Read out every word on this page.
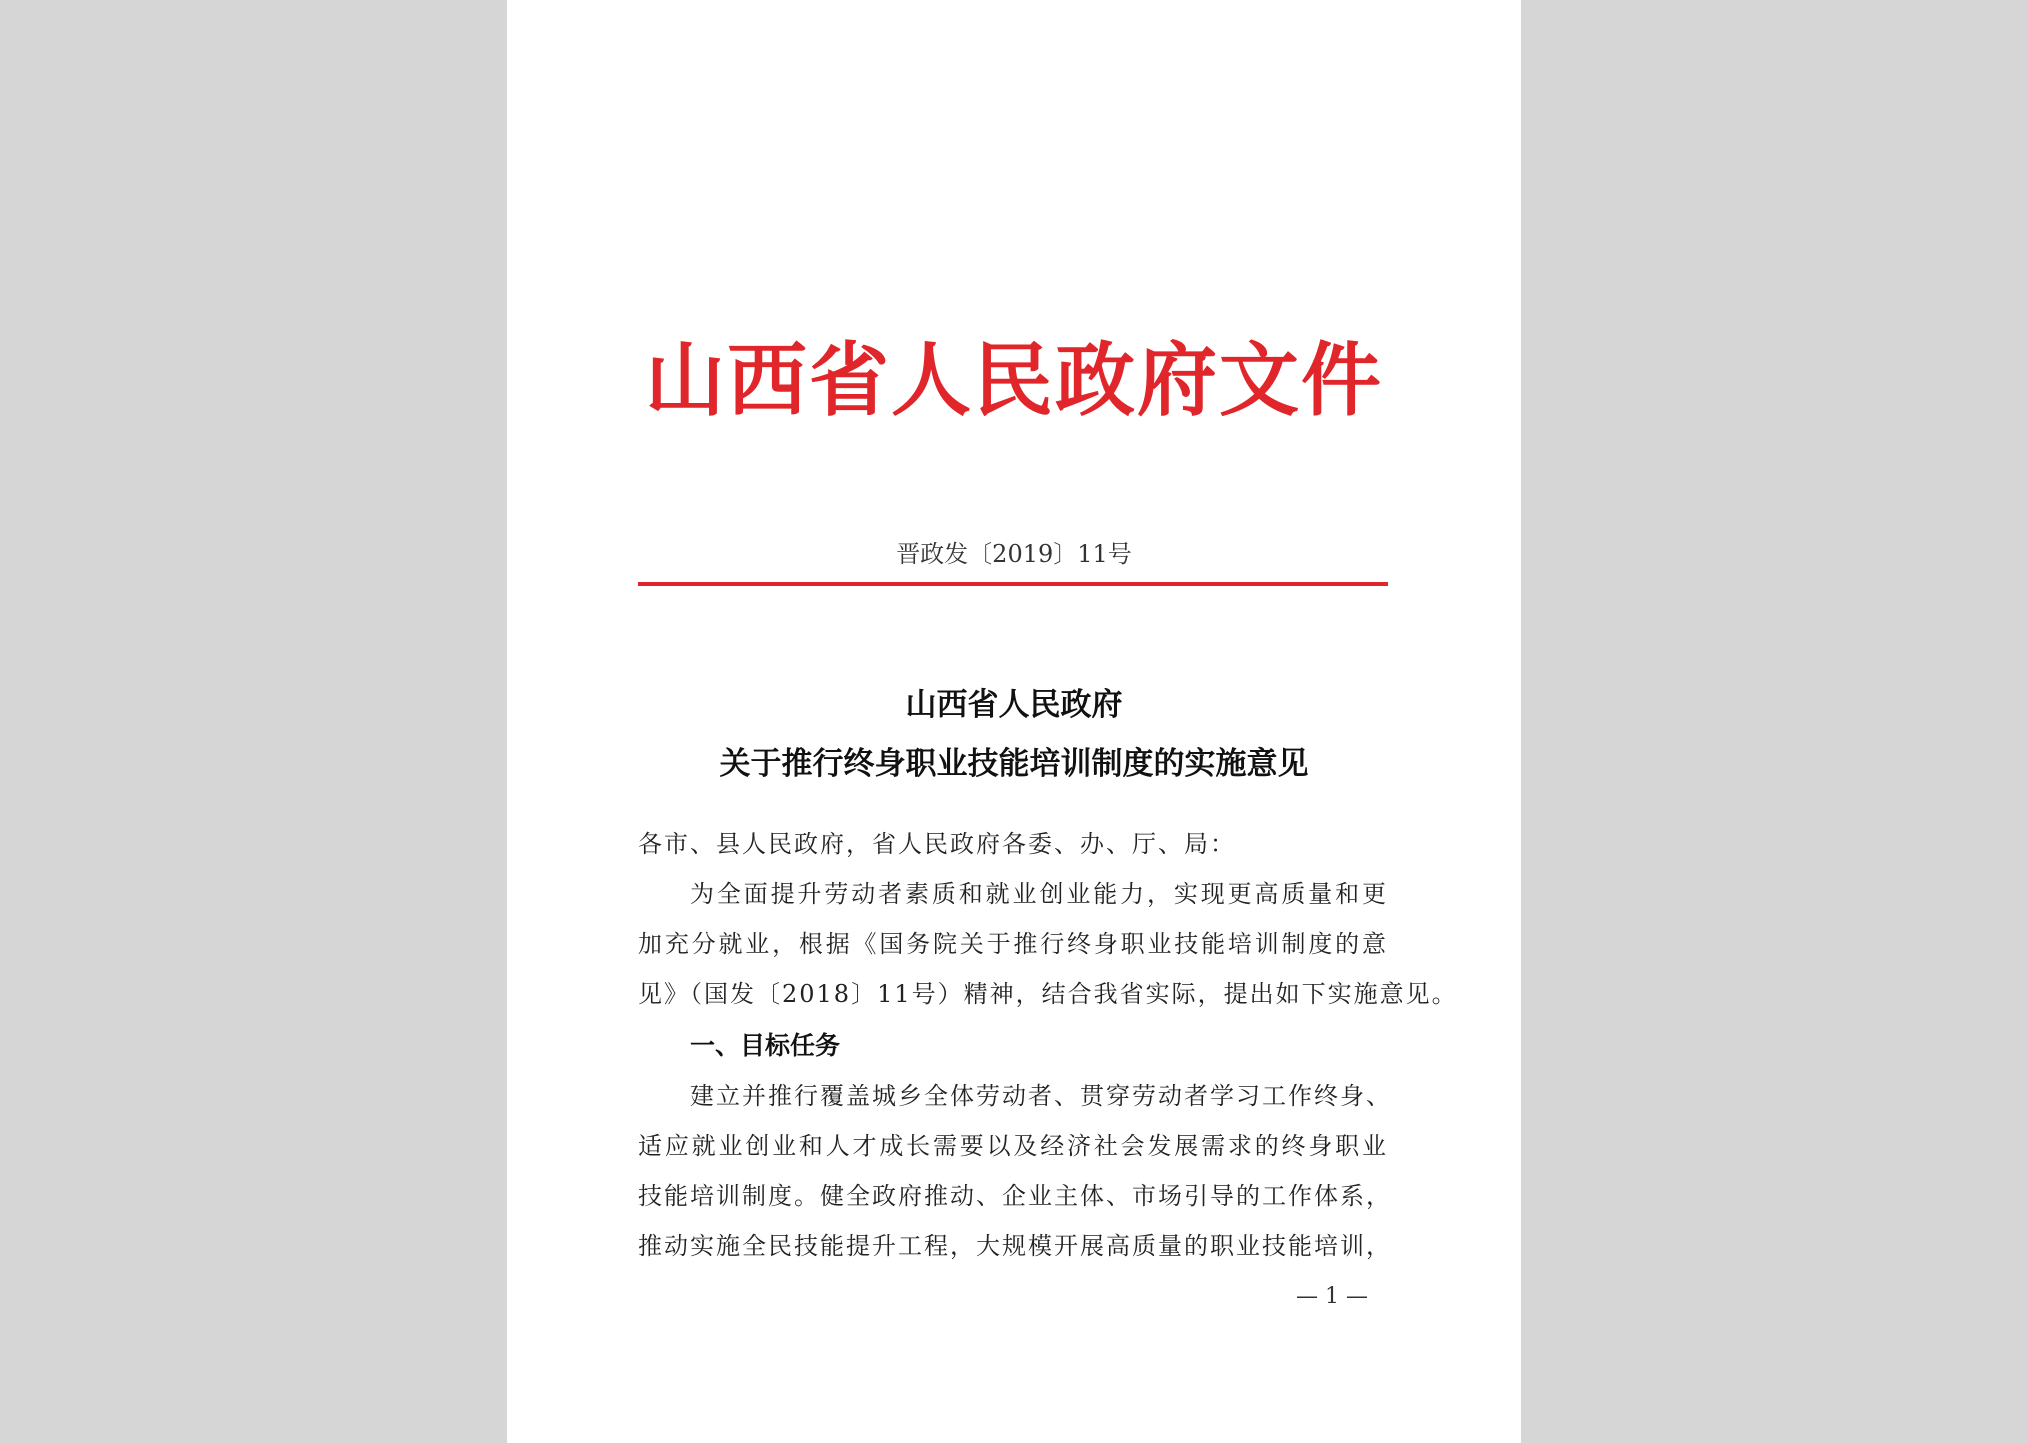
山西省人民政府文件
晋政发〔2019〕11号
山西省人民政府
关于推行终身职业技能培训制度的实施意见
各市、县人民政府，省人民政府各委、办、厅、局：
为全面提升劳动者素质和就业创业能力，实现更高质量和更
加充分就业，根据《国务院关于推行终身职业技能培训制度的意
见》（国发〔2018〕11号）精神，结合我省实际，提出如下实施意见。
一、目标任务
建立并推行覆盖城乡全体劳动者、贯穿劳动者学习工作终身、
适应就业创业和人才成长需要以及经济社会发展需求的终身职业
技能培训制度。健全政府推动、企业主体、市场引导的工作体系，
推动实施全民技能提升工程，大规模开展高质量的职业技能培训，
— 1 —
